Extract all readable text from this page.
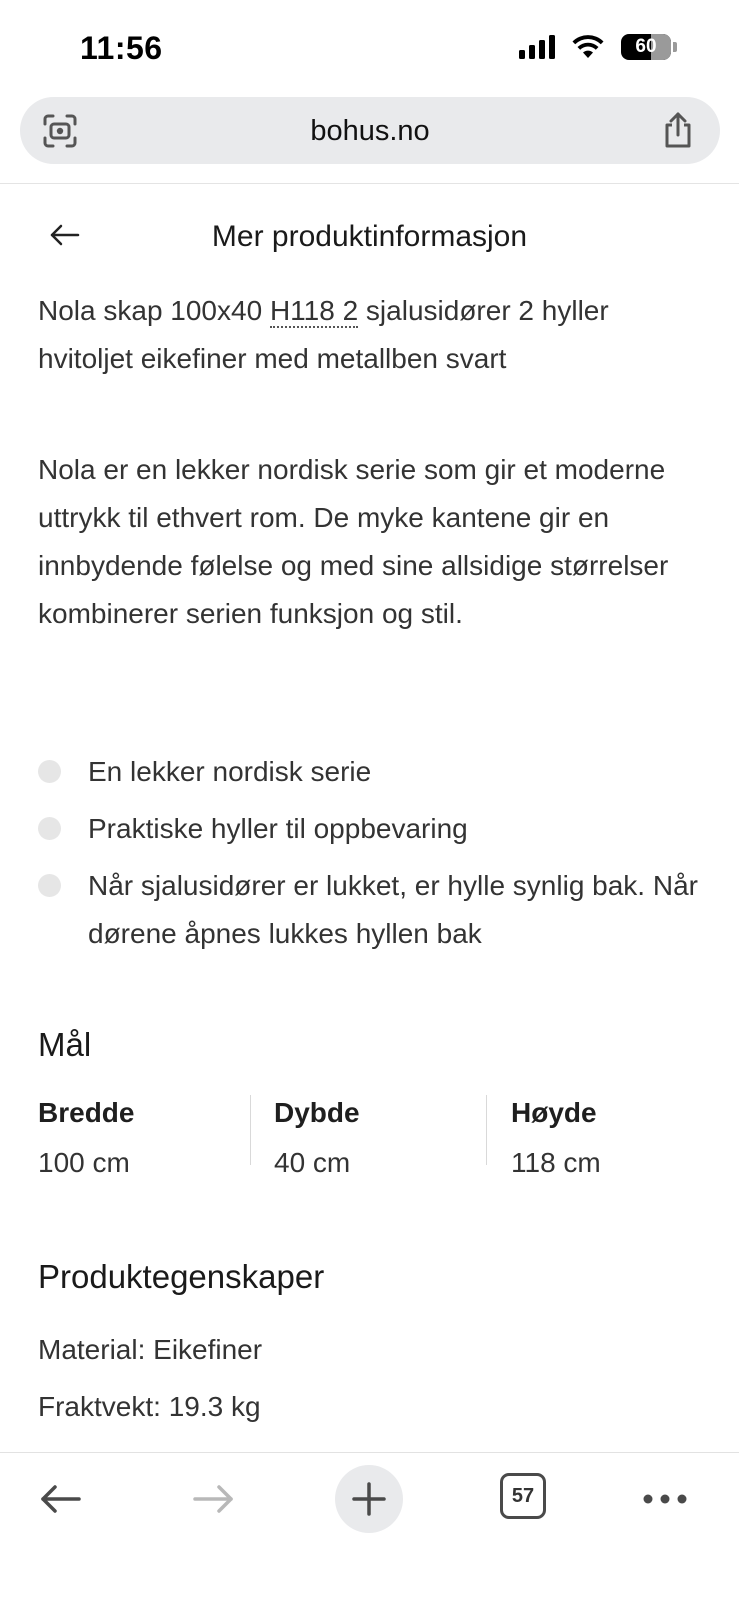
11:56	60
bohus.no
Mer produktinformasjon
Nola skap 100x40 H118 2 sjalusidører 2 hyller hvitoljet eikefiner med metallben svart
Nola er en lekker nordisk serie som gir et moderne uttrykk til ethvert rom. De myke kantene gir en innbydende følelse og med sine allsidige størrelser kombinerer serien funksjon og stil.
En lekker nordisk serie
Praktiske hyller til oppbevaring
Når sjalusidører er lukket, er hylle synlig bak. Når dørene åpnes lukkes hyllen bak
Mål
Bredde
100 cm
Dybde
40 cm
Høyde
118 cm
Produktegenskaper
Material: Eikefiner
Fraktvekt: 19.3 kg
57
